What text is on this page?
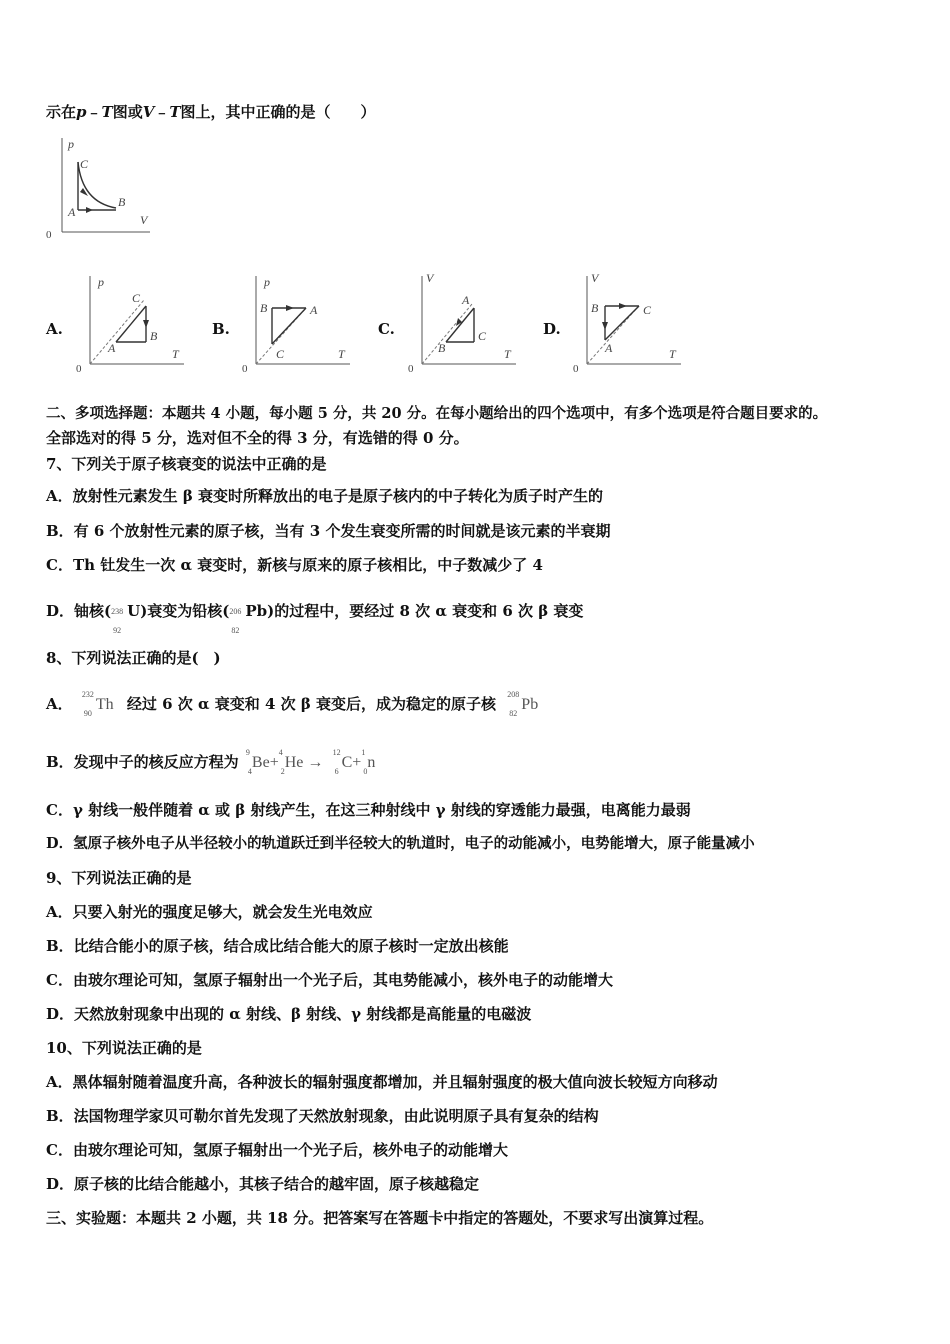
示在p﹣T图或V﹣T图上，其中正确的是（　　）
p
V
0
C
A
B
A.
p
T
0
C
A
B	B.
p
T
0
B	A
C
C.
V
T
0
A
B
C	D.
V
T
0
B	C
A
二、多项选择题：本题共 4 小题，每小题 5 分，共 20 分。在每小题给出的四个选项中，有多个选项是符合题目要求的。
全部选对的得 5 分，选对但不全的得 3 分，有选错的得 0 分。
7、下列关于原子核衰变的说法中正确的是
A．放射性元素发生 β 衰变时所释放出的电子是原子核内的中子转化为质子时产生的
B．有 6 个放射性元素的原子核，当有 3 个发生衰变所需的时间就是该元素的半衰期
C．Th 钍发生一次 α 衰变时，新核与原来的原子核相比，中子数减少了 4
D．铀核( 238
92
U)衰变为铅核( 206
82
Pb)的过程中，要经过 8 次 α 衰变和 6 次 β 衰变
8、下列说法正确的是(　)
A．
232
90
Th 经过 6 次 α 衰变和 4 次 β 衰变后，成为稳定的原子核
208
82
Pb
B．发现中子的核反应方程为
9
4
Be+
4
2
He →
12
6
C+
1
0
n
C．γ 射线一般伴随着 α 或 β 射线产生，在这三种射线中 γ 射线的穿透能力最强，电离能力最弱
D．氢原子核外电子从半径较小的轨道跃迁到半径较大的轨道时，电子的动能减小，电势能增大，原子能量减小
9、下列说法正确的是
A．只要入射光的强度足够大，就会发生光电效应
B．比结合能小的原子核，结合成比结合能大的原子核时一定放出核能
C．由玻尔理论可知，氢原子辐射出一个光子后，其电势能减小，核外电子的动能增大
D．天然放射现象中出现的 α 射线、β 射线、γ 射线都是高能量的电磁波
10、下列说法正确的是
A．黑体辐射随着温度升高，各种波长的辐射强度都增加，并且辐射强度的极大值向波长较短方向移动
B．法国物理学家贝可勒尔首先发现了天然放射现象，由此说明原子具有复杂的结构
C．由玻尔理论可知，氢原子辐射出一个光子后，核外电子的动能增大
D．原子核的比结合能越小，其核子结合的越牢固，原子核越稳定
三、实验题：本题共 2 小题，共 18 分。把答案写在答题卡中指定的答题处，不要求写出演算过程。
